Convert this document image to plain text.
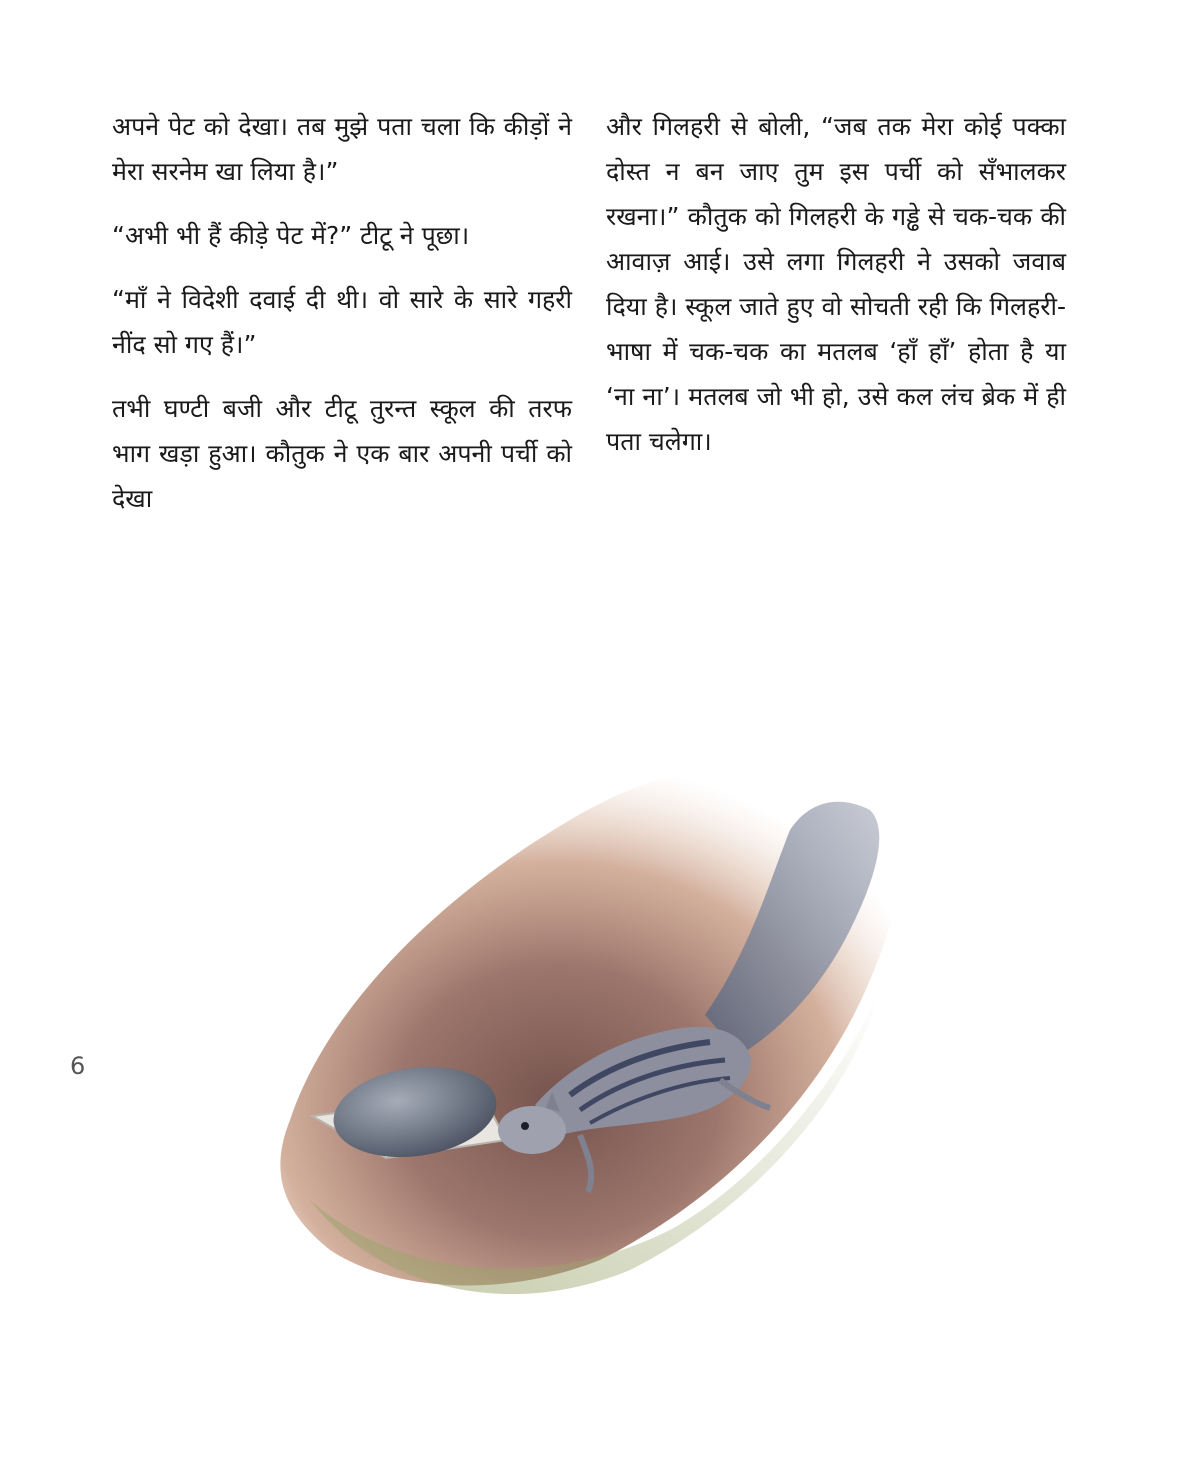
अपने पेट को देखा। तब मुझे पता चला कि कीड़ों ने मेरा सरनेम खा लिया है।”

“अभी भी हैं कीड़े पेट में?” टीटू ने पूछा।

“माँ ने विदेशी दवाई दी थी। वो सारे के सारे गहरी नींद सो गए हैं।”

तभी घण्टी बजी और टीटू तुरन्त स्कूल की तरफ भाग खड़ा हुआ। कौतुक ने एक बार अपनी पर्ची को देखा

और गिलहरी से बोली, “जब तक मेरा कोई पक्का दोस्त न बन जाए तुम इस पर्ची को सँभालकर रखना।” कौतुक को गिलहरी के गड्ढे से चक-चक की आवाज़ आई। उसे लगा गिलहरी ने उसको जवाब दिया है। स्कूल जाते हुए वो सोचती रही कि गिलहरी-भाषा में चक-चक का मतलब ‘हाँ हाँ’ होता है या ‘ना ना’। मतलब जो भी हो, उसे कल लंच ब्रेक में ही पता चलेगा।

6
